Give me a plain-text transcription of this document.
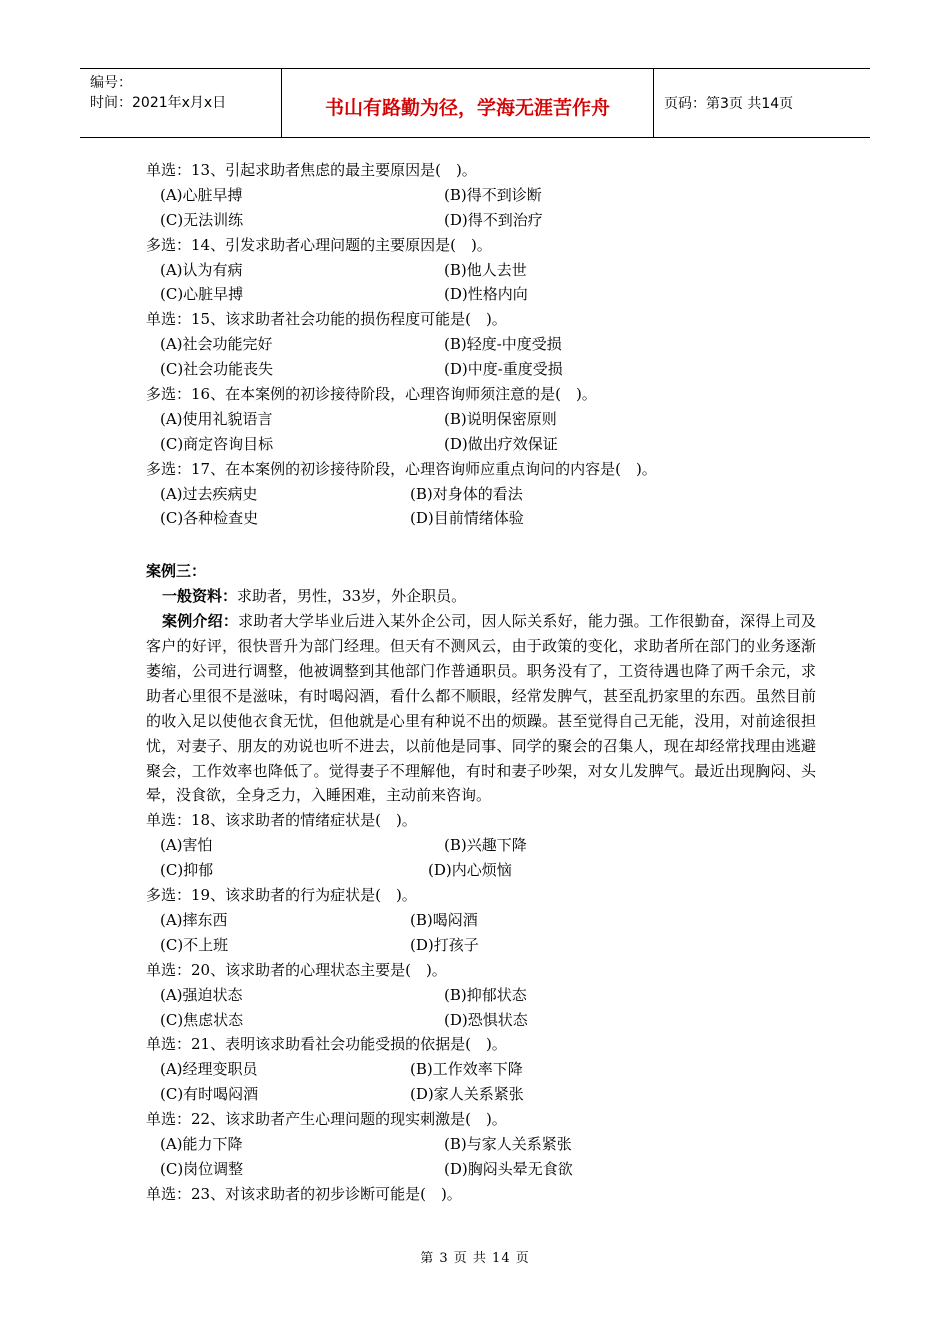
编号：
时间：2021年x月x日	书山有路勤为径，学海无涯苦作舟	页码：第3页 共14页
单选：13、引起求助者焦虑的最主要原因是(　)。
(A)心脏早搏	(B)得不到诊断
(C)无法训练	(D)得不到治疗
多选：14、引发求助者心理问题的主要原因是(　)。
(A)认为有病	(B)他人去世
(C)心脏早搏	(D)性格内向
单选：15、该求助者社会功能的损伤程度可能是(　)。
(A)社会功能完好	(B)轻度-中度受损
(C)社会功能丧失	(D)中度-重度受损
多选：16、在本案例的初诊接待阶段，心理咨询师须注意的是(　)。
(A)使用礼貌语言	(B)说明保密原则
(C)商定咨询目标	(D)做出疗效保证
多选：17、在本案例的初诊接待阶段，心理咨询师应重点询问的内容是(　)。
(A)过去疾病史	(B)对身体的看法
(C)各种检查史	(D)目前情绪体验
案例三：
一般资料：求助者，男性，33岁，外企职员。
案例介绍：求助者大学毕业后进入某外企公司，因人际关系好，能力强。工作很勤奋，深得上司及客户的好评，很快晋升为部门经理。但天有不测风云，由于政策的变化，求助者所在部门的业务逐渐萎缩，公司进行调整，他被调整到其他部门作普通职员。职务没有了，工资待遇也降了两千余元，求助者心里很不是滋味，有时喝闷酒，看什么都不顺眼，经常发脾气，甚至乱扔家里的东西。虽然目前的收入足以使他衣食无忧，但他就是心里有种说不出的烦躁。甚至觉得自己无能，没用，对前途很担忧，对妻子、朋友的劝说也听不进去，以前他是同事、同学的聚会的召集人，现在却经常找理由逃避聚会，工作效率也降低了。觉得妻子不理解他，有时和妻子吵架，对女儿发脾气。最近出现胸闷、头晕，没食欲，全身乏力，入睡困难，主动前来咨询。
单选：18、该求助者的情绪症状是(　)。
(A)害怕	(B)兴趣下降
(C)抑郁	(D)内心烦恼
多选：19、该求助者的行为症状是(　)。
(A)摔东西	(B)喝闷酒
(C)不上班	(D)打孩子
单选：20、该求助者的心理状态主要是(　)。
(A)强迫状态	(B)抑郁状态
(C)焦虑状态	(D)恐惧状态
单选：21、表明该求助看社会功能受损的依据是(　)。
(A)经理变职员	(B)工作效率下降
(C)有时喝闷酒	(D)家人关系紧张
单选：22、该求助者产生心理问题的现实刺激是(　)。
(A)能力下降	(B)与家人关系紧张
(C)岗位调整	(D)胸闷头晕无食欲
单选：23、对该求助者的初步诊断可能是(　)。
第 3 页 共 14 页
